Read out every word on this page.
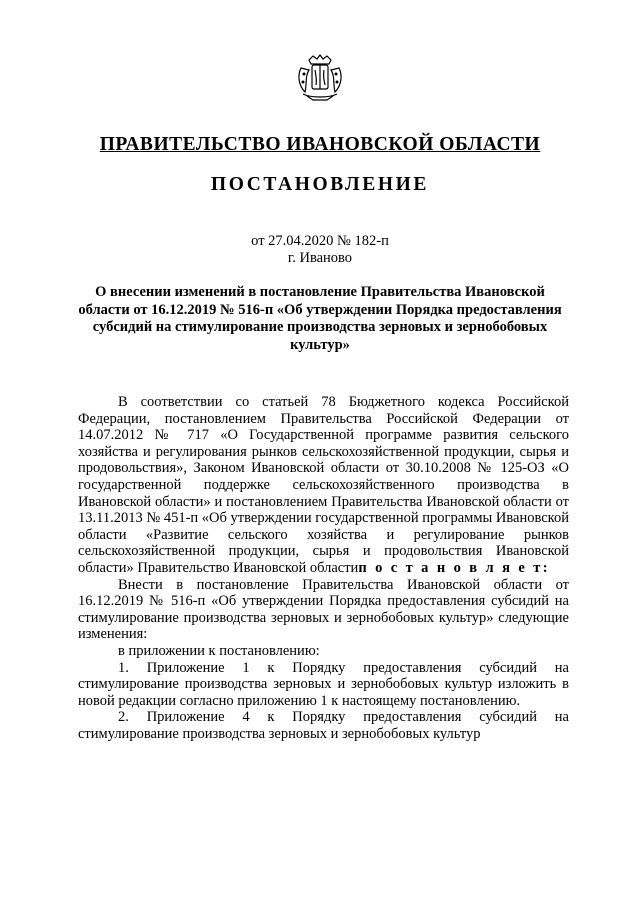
ПРАВИТЕЛЬСТВО ИВАНОВСКОЙ ОБЛАСТИ
ПОСТАНОВЛЕНИЕ
от 27.04.2020 № 182-п
г. Иваново
О внесении изменений в постановление Правительства Ивановской области от 16.12.2019 № 516-п «Об утверждении Порядка предоставления субсидий на стимулирование производства зерновых и зернобобовых культур»

В соответствии со статьей 78 Бюджетного кодекса Российской Федерации, постановлением Правительства Российской Федерации от 14.07.2012 № 717 «О Государственной программе развития сельского хозяйства и регулирования рынков сельскохозяйственной продукции, сырья и продовольствия», Законом Ивановской области от 30.10.2008 № 125-ОЗ «О государственной поддержке сельскохозяйственного производства в Ивановской области» и постановлением Правительства Ивановской области от 13.11.2013 № 451-п «Об утверждении государственной программы Ивановской области «Развитие сельского хозяйства и регулирование рынков сельскохозяйственной продукции, сырья и продовольствия Ивановской области» Правительство Ивановской областип о с т а н о в л я е т:

Внести в постановление Правительства Ивановской области от 16.12.2019 № 516-п «Об утверждении Порядка предоставления субсидий на стимулирование производства зерновых и зернобобовых культур» следующие изменения:

в приложении к постановлению:

1. Приложение 1 к Порядку предоставления субсидий на стимулирование производства зерновых и зернобобовых культур изложить в новой редакции согласно приложению 1 к настоящему постановлению.

2. Приложение 4 к Порядку предоставления субсидий на стимулирование производства зерновых и зернобобовых культур
